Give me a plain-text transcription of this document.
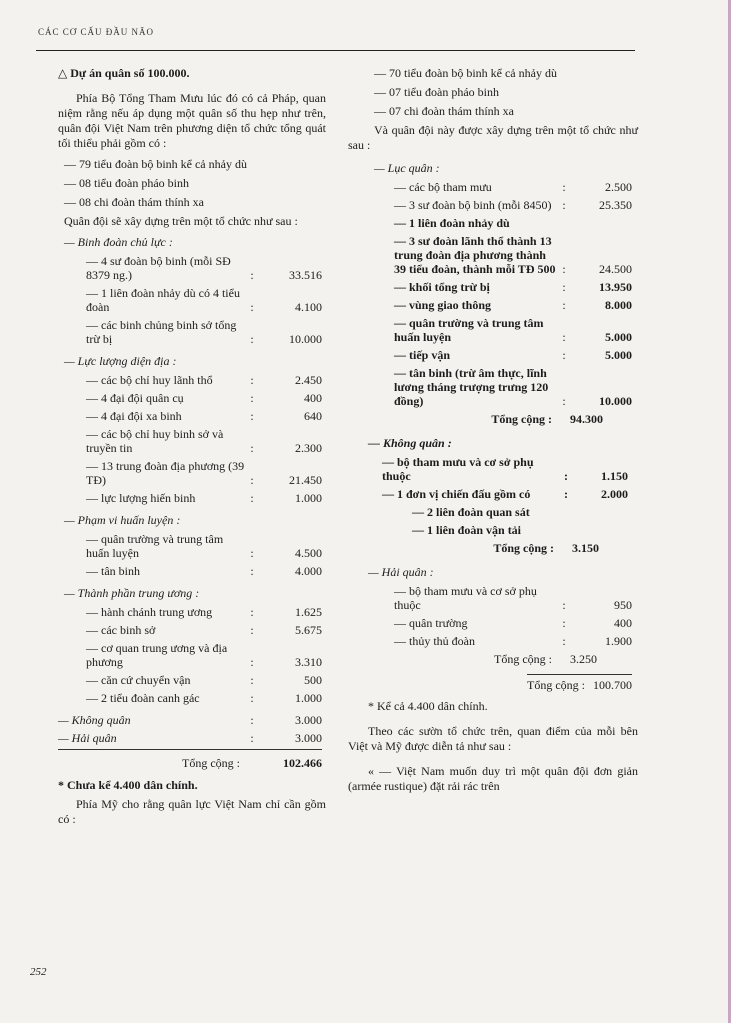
CÁC CƠ CẤU ĐẦU NÃO

△ Dự án quân số 100.000.

Phía Bộ Tổng Tham Mưu lúc đó có cả Pháp, quan niệm rằng nếu áp dụng một quân số thu hẹp như trên, quân đội Việt Nam trên phương diện tổ chức tổng quát tối thiểu phải gồm có :

— 79 tiểu đoàn bộ binh kể cả nhảy dù
— 08 tiểu đoàn pháo binh
— 08 chi đoàn thám thính xa

Quân đội sẽ xây dựng trên một tổ chức như sau :

— Binh đoàn chủ lực :
— 4 sư đoàn bộ binh (mỗi SĐ 8379 ng.)	:	33.516
— 1 liên đoàn nhảy dù có 4 tiểu đoàn	:	4.100
— các binh chủng binh sở tổng trừ bị	:	10.000
— Lực lượng diện địa :
— các bộ chỉ huy lãnh thổ	:	2.450
— 4 đại đội quân cụ	:	400
— 4 đại đội xa binh	:	640
— các bộ chỉ huy binh sở và truyền tin	:	2.300
— 13 trung đoàn địa phương (39 TĐ)	:	21.450
— lực lượng hiến binh	:	1.000
— Phạm vi huấn luyện :
— quân trường và trung tâm huấn luyện	:	4.500
— tân binh	:	4.000
— Thành phần trung ương :
— hành chánh trung ương	:	1.625
— các binh sở	:	5.675
— cơ quan trung ương và địa phương	:	3.310
— căn cứ chuyển vận	:	500
— 2 tiểu đoàn canh gác	:	1.000
— Không quân	:	3.000
— Hải quân	:	3.000
Tổng cộng :		102.466

* Chưa kể 4.400 dân chính.

Phía Mỹ cho rằng quân lực Việt Nam chỉ cần gồm có :

— 70 tiểu đoàn bộ binh kể cả nhảy dù
— 07 tiểu đoàn pháo binh
— 07 chi đoàn thám thính xa

Và quân đội này được xây dựng trên một tổ chức như sau :

— Lục quân :
— các bộ tham mưu	:	2.500
— 3 sư đoàn bộ binh (mỗi 8450)	:	25.350
— 1 liên đoàn nhảy dù		
— 3 sư đoàn lãnh thổ thành 13 trung đoàn địa phương thành 39 tiểu đoàn, thành mỗi TĐ 500	:	24.500
— khối tổng trừ bị	:	13.950
— vùng giao thông	:	8.000
— quân trường và trung tâm huấn luyện	:	5.000
— tiếp vận	:	5.000
— tân binh (trừ âm thực, lĩnh lương tháng trượng trưng 120 đồng)	:	10.000
Tổng cộng :		94.300
— Không quân :
— bộ tham mưu và cơ sở phụ thuộc	:	1.150
— 1 đơn vị chiến đấu gồm có	:	2.000
— 2 liên đoàn quan sát		
— 1 liên đoàn vận tải		
Tổng cộng :		3.150
— Hải quân :
— bộ tham mưu và cơ sở phụ thuộc	:	950
— quân trường	:	400
— thủy thủ đoàn	:	1.900
Tổng cộng :		3.250
Tổng cộng : 100.700

* Kể cả 4.400 dân chính.

Theo các sườn tổ chức trên, quan điểm của mỗi bên Việt và Mỹ được diễn tả như sau :

« — Việt Nam muốn duy trì một quân đội đơn giản (armée rustique) đặt rải rác trên

252
